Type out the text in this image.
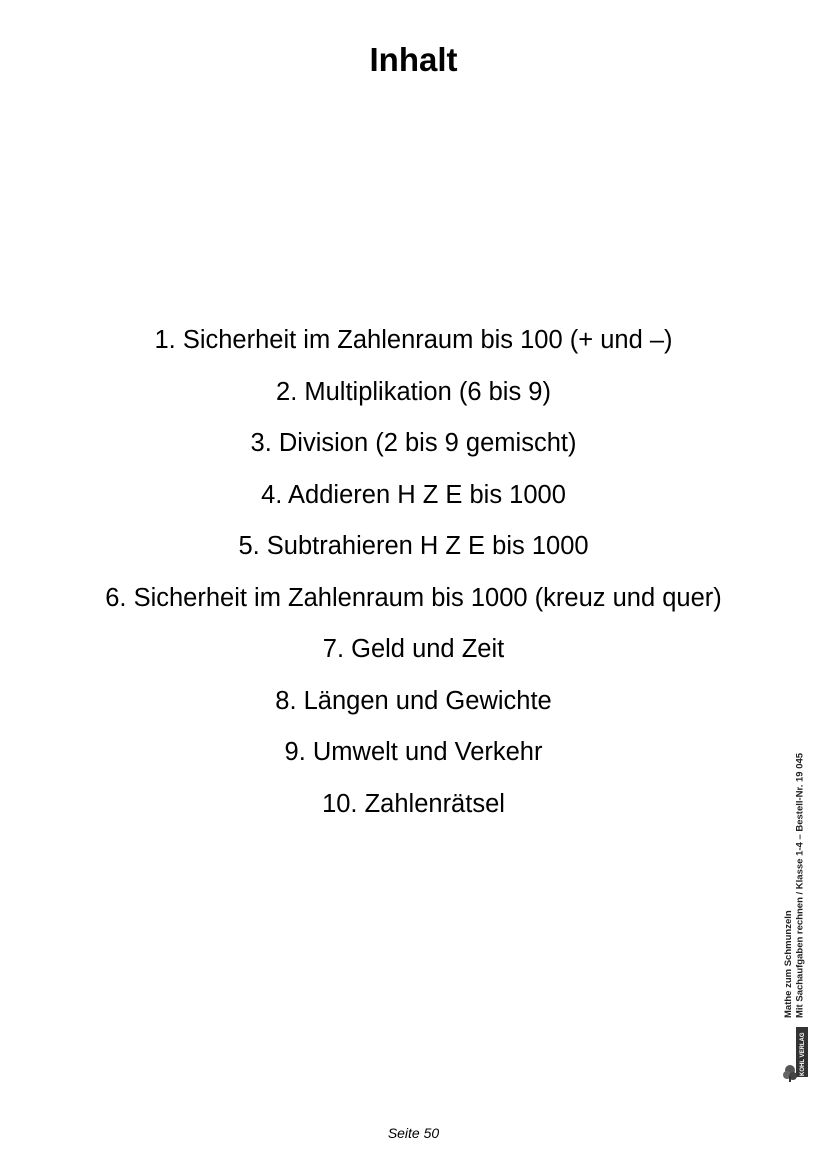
Inhalt
1. Sicherheit im Zahlenraum bis 100 (+ und –)
2. Multiplikation (6 bis 9)
3. Division (2 bis 9 gemischt)
4. Addieren H Z E bis 1000
5. Subtrahieren H Z E bis 1000
6. Sicherheit im Zahlenraum bis 1000 (kreuz und quer)
7. Geld und Zeit
8. Längen und Gewichte
9. Umwelt und Verkehr
10. Zahlenrätsel
Mathe zum Schmunzeln Mit Sachaufgaben rechnen / Klasse 1-4 – Bestell-Nr. 19 045
KOHL VERLAG
Seite 50
